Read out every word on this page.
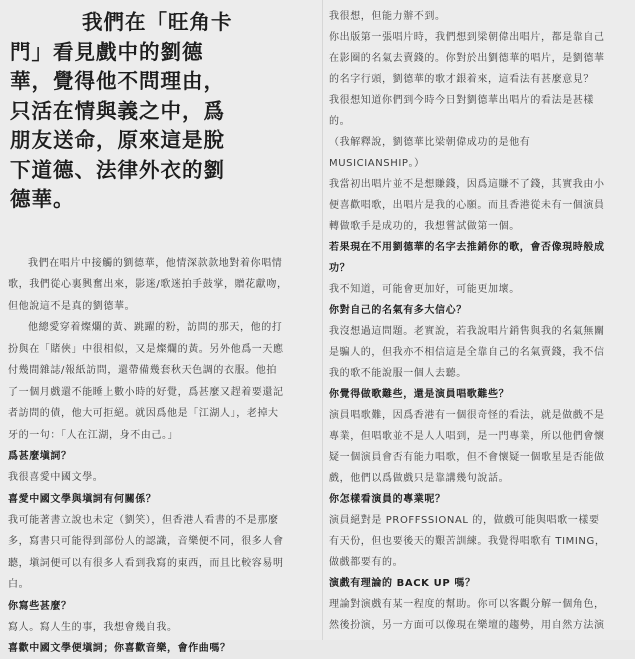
我們在「旺角卡
門」看見戲中的劉德
華，覺得他不問理由，
只活在情與義之中，爲
朋友送命，原來這是脫
下道德、法律外衣的劉
德華。
我們在唱片中接觸的劉德華，他情深款款地對着你唱情
歌，我們從心裏興奮出來，影迷/歌迷拍手鼓掌，贈花獻吻，
但他說這不是真的劉德華。
他總愛穿着燦爛的黃、跳躍的粉，訪問的那天，他的打
扮與在「賭俠」中很相似，又是燦爛的黃。另外他爲一天應
付幾間雜誌/報紙訪問，還帶備幾套秋天色調的衣服。他拍
了一個月戲還不能睡上數小時的好覺，爲甚麼又趕着要還記
者訪問的債，他大可拒絕。就因爲他是「江湖人」，老掉大
牙的一句：「人在江湖，身不由己。」
爲甚麼塡詞？
我很喜愛中國文學。
喜愛中國文學與塡詞有何關係？
我可能著書立說也未定（劉笑），但香港人看書的不是那麼
多，寫書只可能得到部份人的認識，音樂便不同，很多人會
聽，塡詞便可以有很多人看到我寫的東西，而且比較容易明
白。
你寫些甚麼？
寫人。寫人生的事，我想會幾自我。
喜歡中國文學便塡詞；你喜歡音樂，會作曲嗎？
我很想，但能力辦不到。
你出版第一張唱片時，我們想到梁朝偉出唱片，都是靠自己
在影圈的名氣去賣錢的。你對於出劉德華的唱片，是劉德華
的名字行頭，劉德華的歌才銀着來，這看法有甚麼意見？
我很想知道你們到今時今日對劉德華出唱片的看法是甚樣
的。
（我解釋說，劉德華比梁朝偉成功的是他有
MUSICIANSHIP。）
我當初出唱片並不是想賺錢，因爲這賺不了錢，其實我由小
便喜歡唱歌，出唱片是我的心願。而且香港從未有一個演員
轉做歌手是成功的，我想嘗試做第一個。
若果現在不用劉德華的名字去推銷你的歌，會否像現時般成
功？
我不知道，可能會更加好，可能更加壞。
你對自己的名氣有多大信心？
我沒想過這問題。老實說，若我說唱片銷售與我的名氣無關
是騙人的，但我亦不相信這是全靠自己的名氣賣錢，我不信
我的歌不能說服一個人去聽。
你覺得做歌難些，還是演員唱歌難些？
演員唱歌難，因爲香港有一個很奇怪的看法，就是做戲不是
專業，但唱歌並不是人人唱到，是一門專業，所以他們會懷
疑一個演員會否有能力唱歌，但不會懷疑一個歌星是否能做
戲，他們以爲做戲只是靠講幾句說話。
你怎樣看演員的專業呢？
演員絕對是 PROFFSSIONAL 的，做戲可能與唱歌一樣要
有天份，但也要後天的艱苦訓練。我覺得唱歌有 TIMING，
做戲都要有的。
演戲有理論的 BACK UP 嗎？
理論對演戲有某一程度的幫助。你可以客觀分解一個角色，
然後扮演，另一方面可以像現在樂壇的趨勢，用自然方法演
